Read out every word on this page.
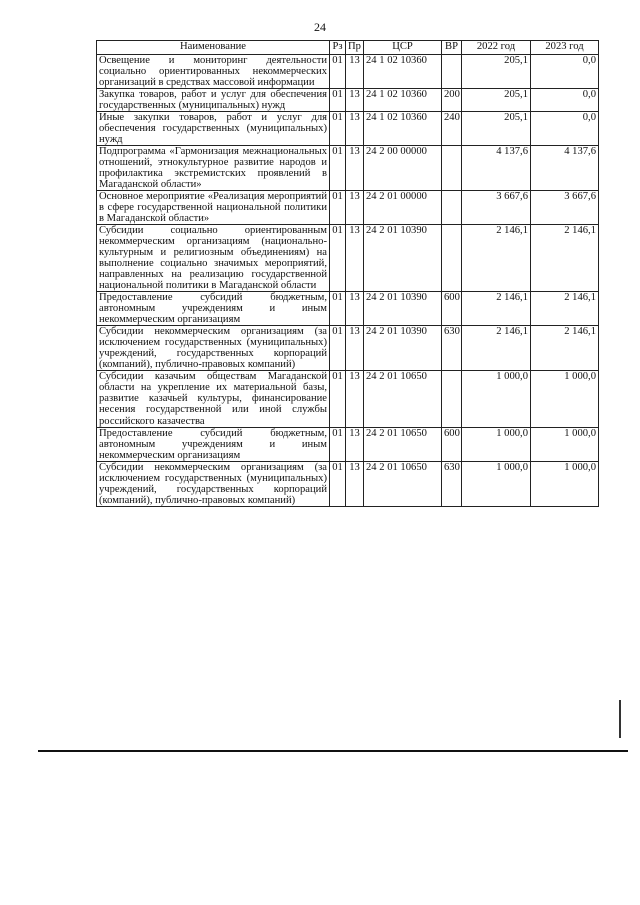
24
Наименование	Рз	Пр	ЦСР	ВР	2022 год	2023 год
Освещение и мониторинг деятельности социально ориентированных некоммерческих организаций в средствах массовой информации	01	13	24 1 02 10360		205,1	0,0
Закупка товаров, работ и услуг для обеспечения государственных (муниципальных) нужд	01	13	24 1 02 10360	200	205,1	0,0
Иные закупки товаров, работ и услуг для обеспечения государственных (муниципальных) нужд	01	13	24 1 02 10360	240	205,1	0,0
Подпрограмма «Гармонизация межнациональных отношений, этнокультурное развитие народов и профилактика экстремистских проявлений в Магаданской области»	01	13	24 2 00 00000		4 137,6	4 137,6
Основное мероприятие «Реализация мероприятий в сфере государственной национальной политики в Магаданской области»	01	13	24 2 01 00000		3 667,6	3 667,6
Субсидии социально ориентированным некоммерческим организациям (национально-культурным и религиозным объединениям) на выполнение социально значимых мероприятий, направленных на реализацию государственной национальной политики в Магаданской области	01	13	24 2 01 10390		2 146,1	2 146,1
Предоставление субсидий бюджетным, автономным учреждениям и иным некоммерческим организациям	01	13	24 2 01 10390	600	2 146,1	2 146,1
Субсидии некоммерческим организациям (за исключением государственных (муниципальных) учреждений, государственных корпораций (компаний), публично-правовых компаний)	01	13	24 2 01 10390	630	2 146,1	2 146,1
Субсидии казачьим обществам Магаданской области на укрепление их материальной базы, развитие казачьей культуры, финансирование несения государственной или иной службы российского казачества	01	13	24 2 01 10650		1 000,0	1 000,0
Предоставление субсидий бюджетным, автономным учреждениям и иным некоммерческим организациям	01	13	24 2 01 10650	600	1 000,0	1 000,0
Субсидии некоммерческим организациям (за исключением государственных (муниципальных) учреждений, государственных корпораций (компаний), публично-правовых компаний)	01	13	24 2 01 10650	630	1 000,0	1 000,0
